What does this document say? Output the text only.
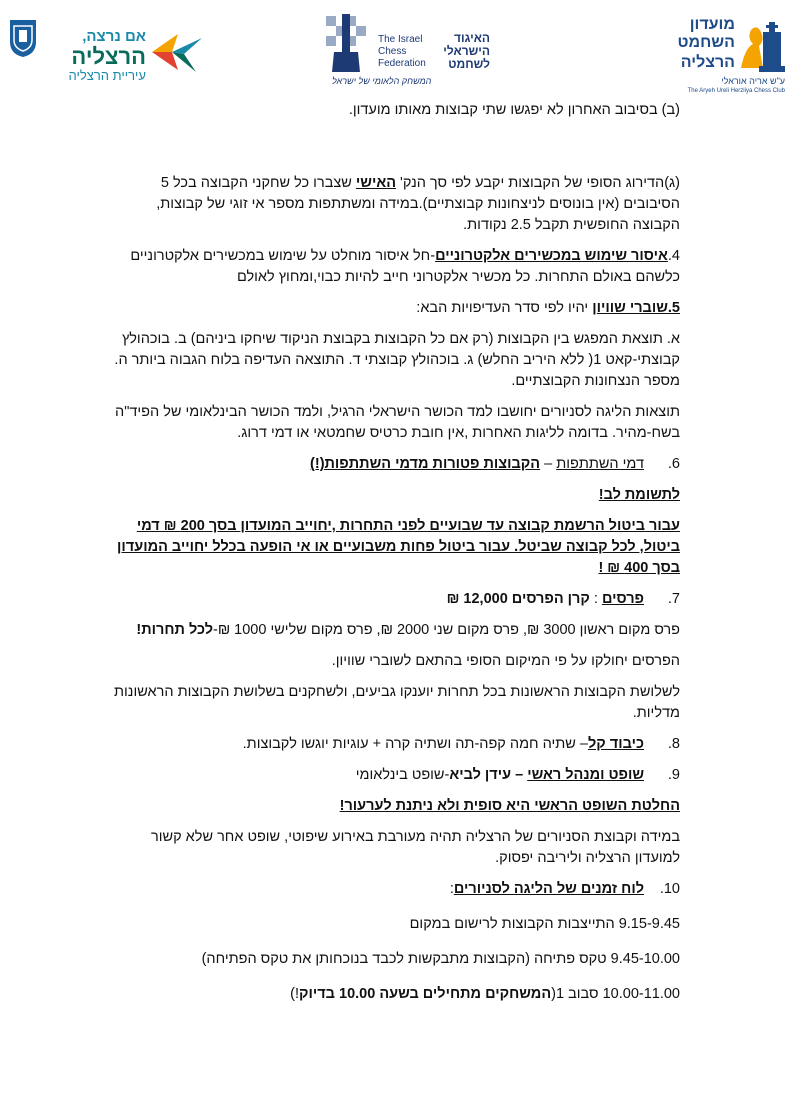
אם נרצה,
הרצליה
עיריית הרצליה
The Israel
Chess
Federation
האיגוד
הישראלי
לשחמט
המשחק הלאומי של ישראל
מועדון
השחמט
הרצליה
ע"ש אריה אוראלי
The Aryeh Ureli Herzliya Chess Club

(ב) בסיבוב האחרון לא יפגשו שתי קבוצות מאותו מועדון.

(ג)הדירוג הסופי של הקבוצות יקבע לפי סך הנק' האישי שצברו כל שחקני הקבוצה בכל 5 הסיבובים (אין בונוסים לניצחונות קבוצתיים).במידה ומשתתפות מספר אי זוגי של קבוצות, הקבוצה החופשית תקבל 2.5 נקודות.

4.איסור שימוש במכשירים אלקטרוניים-חל איסור מוחלט על שימוש במכשירים אלקטרוניים כלשהם באולם התחרות. כל מכשיר אלקטרוני חייב להיות כבוי,ומחוץ לאולם

5.שוברי שוויון יהיו לפי סדר העדיפויות הבא:

א. תוצאת המפגש בין הקבוצות (רק אם כל הקבוצות בקבוצת הניקוד שיחקו ביניהם) ב. בוכהולץ קבוצתי-קאט 1( ללא היריב החלש) ג. בוכהולץ קבוצתי ד. התוצאה העדיפה בלוח הגבוה ביותר ה. מספר הנצחונות הקבוצתיים.

תוצאות הליגה לסניורים יחושבו למד הכושר הישראלי הרגיל, ולמד הכושר הבינלאומי של הפיד"ה בשח-מהיר. בדומה לליגות האחרות ,אין חובת כרטיס שחמטאי או דמי דרוג.

6.
דמי השתתפות – הקבוצות פטורות מדמי השתתפות(!)

לתשומת לב!

עבור ביטול הרשמת קבוצה עד שבועיים לפני התחרות ,יחוייב המועדון בסך 200 ₪ דמי ביטול, לכל קבוצה שביטל. עבור ביטול פחות משבועיים או אי הופעה בכלל יחוייב המועדון בסך 400 ₪ !

7.
פרסים : קרן הפרסים 12,000 ₪

פרס מקום ראשון 3000 ₪, פרס מקום שני 2000 ₪, פרס מקום שלישי 1000 ₪-לכל תחרות!

הפרסים יחולקו על פי המיקום הסופי בהתאם לשוברי שוויון.

לשלושת הקבוצות הראשונות בכל תחרות יוענקו גביעים, ולשחקנים בשלושת הקבוצות הראשונות מדליות.

8.
כיבוד קל– שתיה חמה קפה-תה ושתיה קרה + עוגיות יוגשו לקבוצות.
9.
שופט ומנהל ראשי – עידן לביא-שופט בינלאומי

החלטת השופט הראשי היא סופית ולא ניתנת לערעור!

במידה וקבוצת הסניורים של הרצליה תהיה מעורבת באירוע שיפוטי, שופט אחר שלא קשור למועדון הרצליה וליריבה יפסוק.

10.
לוח זמנים של הליגה לסניורים:

9.15-9.45 התייצבות הקבוצות לרישום במקום

9.45-10.00 טקס פתיחה (הקבוצות מתבקשות לכבד בנוכחותן את טקס הפתיחה)

10.00-11.00 סבוב 1(המשחקים מתחילים בשעה 10.00 בדיוק!)
